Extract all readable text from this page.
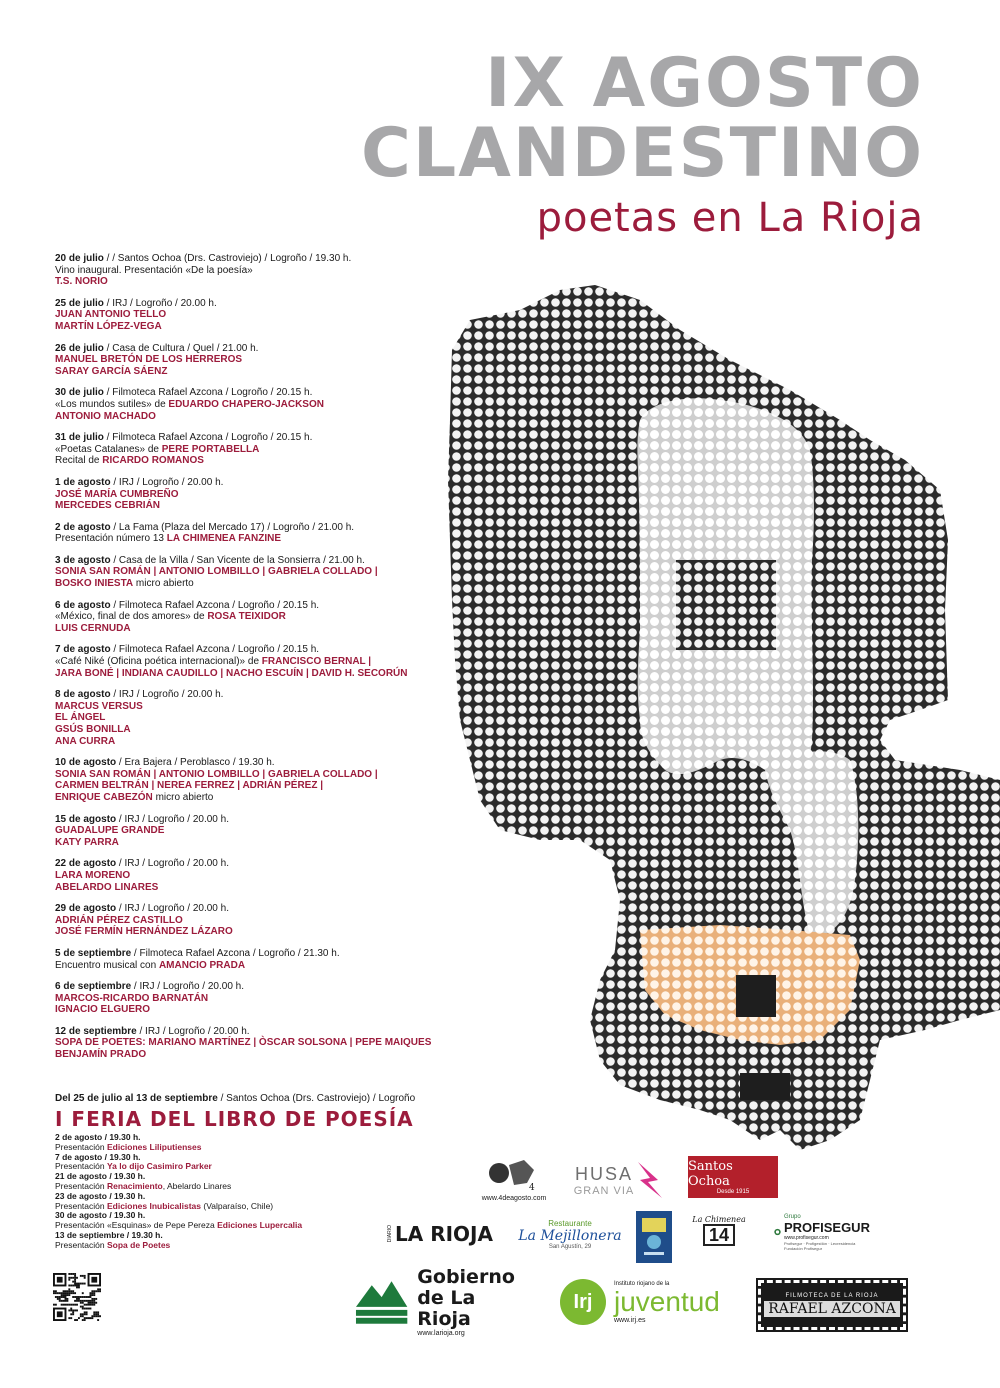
IX AGOSTO
CLANDESTINO
poetas en La Rioja
20 de julio / / Santos Ochoa (Drs. Castroviejo) / Logroño / 19.30 h.
Vino inaugural. Presentación «De la poesía»
T.S. NORIO
25 de julio / IRJ / Logroño / 20.00 h.
JUAN ANTONIO TELLO
MARTÍN LÓPEZ-VEGA
26 de julio / Casa de Cultura / Quel / 21.00 h.
MANUEL BRETÓN DE LOS HERREROS
SARAY GARCÍA SÁENZ
30 de julio / Filmoteca Rafael Azcona / Logroño / 20.15 h.
«Los mundos sutiles» de EDUARDO CHAPERO-JACKSON
ANTONIO MACHADO
31 de julio / Filmoteca Rafael Azcona / Logroño / 20.15 h.
«Poetas Catalanes» de PERE PORTABELLA
Recital de RICARDO ROMANOS
1 de agosto / IRJ / Logroño / 20.00 h.
JOSÉ MARÍA CUMBREÑO
MERCEDES CEBRIÁN
2 de agosto / La Fama (Plaza del Mercado 17) / Logroño / 21.00 h.
Presentación número 13 LA CHIMENEA FANZINE
3 de agosto / Casa de la Villa / San Vicente de la Sonsierra / 21.00 h.
SONIA SAN ROMÁN | ANTONIO LOMBILLO | GABRIELA COLLADO |
BOSKO INIESTA micro abierto
6 de agosto / Filmoteca Rafael Azcona / Logroño / 20.15 h.
«México, final de dos amores» de ROSA TEIXIDOR
LUIS CERNUDA
7 de agosto / Filmoteca Rafael Azcona / Logroño / 20.15 h.
«Café Niké (Oficina poética internacional)» de FRANCISCO BERNAL |
JARA BONÉ | INDIANA CAUDILLO | NACHO ESCUÍN | DAVID H. SECORÚN
8 de agosto / IRJ / Logroño / 20.00 h.
MARCUS VERSUS
EL ÁNGEL
GSÚS BONILLA
ANA CURRA
10 de agosto / Era Bajera / Peroblasco / 19.30 h.
SONIA SAN ROMÁN | ANTONIO LOMBILLO | GABRIELA COLLADO |
CARMEN BELTRÁN | NEREA FERREZ | ADRIÁN PÉREZ |
ENRIQUE CABEZÓN micro abierto
15 de agosto / IRJ / Logroño / 20.00 h.
GUADALUPE GRANDE
KATY PARRA
22 de agosto / IRJ / Logroño / 20.00 h.
LARA MORENO
ABELARDO LINARES
29 de agosto / IRJ / Logroño / 20.00 h.
ADRIÁN PÉREZ CASTILLO
JOSÉ FERMÍN HERNÁNDEZ LÁZARO
5 de septiembre / Filmoteca Rafael Azcona / Logroño / 21.30 h.
Encuentro musical con AMANCIO PRADA
6 de septiembre / IRJ / Logroño / 20.00 h.
MARCOS-RICARDO BARNATÁN
IGNACIO ELGUERO
12 de septiembre / IRJ / Logroño / 20.00 h.
SOPA DE POETES: MARIANO MARTÍNEZ | ÒSCAR SOLSONA | PEPE MAIQUES
BENJAMÍN PRADO
Del 25 de julio al 13 de septiembre / Santos Ochoa (Drs. Castroviejo) / Logroño
I FERIA DEL LIBRO DE POESÍA
2 de agosto / 19.30 h.
Presentación Ediciones Liliputienses
7 de agosto / 19.30 h.
Presentación Ya lo dijo Casimiro Parker
21 de agosto / 19.30 h.
Presentación Renacimiento, Abelardo Linares
23 de agosto / 19.30 h.
Presentación Ediciones Inubicalistas (Valparaíso, Chile)
30 de agosto / 19.30 h.
Presentación «Esquinas» de Pepe Pereza Ediciones Lupercalia
13 de septiembre / 19.30 h.
Presentación Sopa de Poetes
4
www.4deagosto.com
HUSA
GRAN VIA
Santos Ochoa
Desde 1915
DIARIO LA RIOJA	Restaurante
La Mejillonera
San Agustín, 29
La Chimenea
14
Grupo
PROFISEGUR
www.profisegur.com
Profisegur · ProfigestIón · Lecresidencia Fundación Profisegur
Gobierno
de La Rioja
www.larioja.org
Irj
Instituto riojano de la
juventud
www.irj.es
FILMOTECA DE LA RIOJA
RAFAEL AZCONA
